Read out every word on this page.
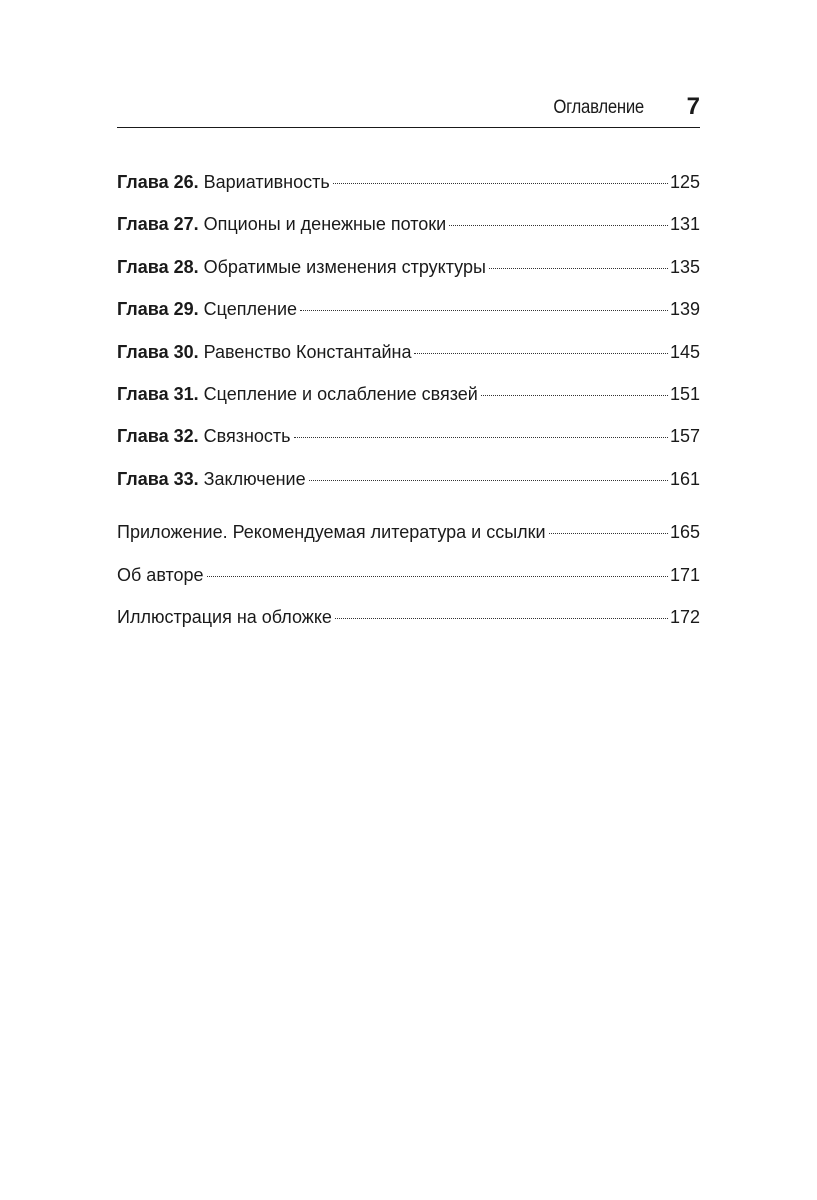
Оглавление 7
Глава 26. Вариативность	125
Глава 27. Опционы и денежные потоки	131
Глава 28. Обратимые изменения структуры	135
Глава 29. Сцепление	139
Глава 30. Равенство Константайна	145
Глава 31. Сцепление и ослабление связей	151
Глава 32. Связность	157
Глава 33. Заключение	161
Приложение. Рекомендуемая литература и ссылки	165
Об авторе	171
Иллюстрация на обложке	172
